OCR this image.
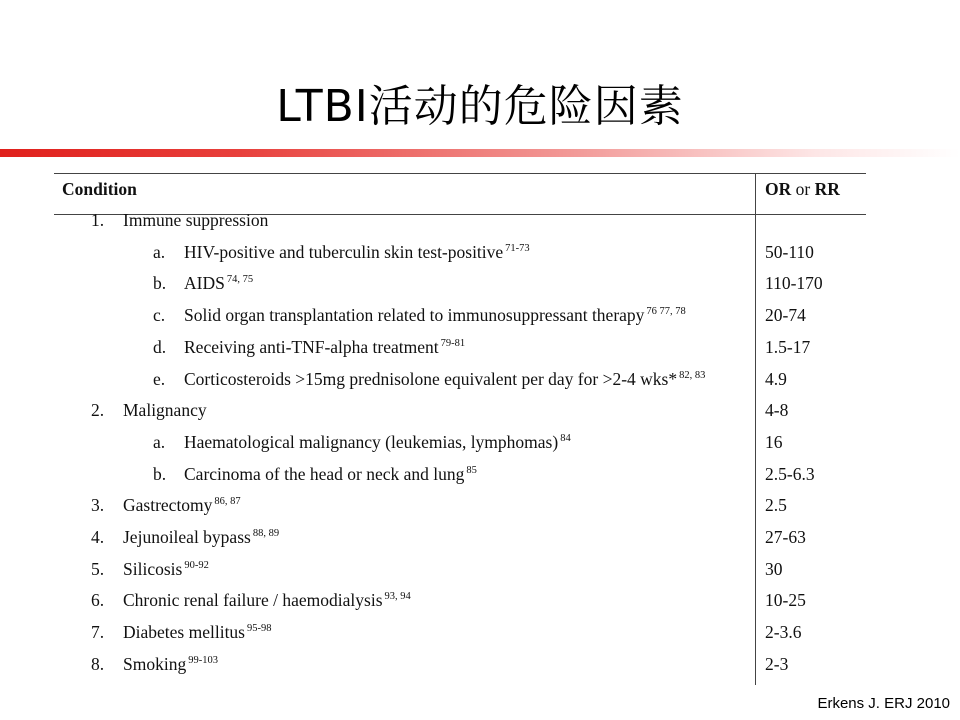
LTBI活动的危险因素
Condition	OR or RR
1. Immune suppression
a. HIV-positive and tuberculin skin test-positive $^{71-73}$	50-110
b. AIDS $^{74, 75}$	110-170
c. Solid organ transplantation related to immunosuppressant therapy $^{76 77, 78}$	20-74
d. Receiving anti-TNF-alpha treatment $^{79-81}$	1.5-17
e. Corticosteroids >15mg prednisolone equivalent per day for >2-4 wks* $^{82, 83}$	4.9
2. Malignancy	4-8
a. Haematological malignancy (leukemias, lymphomas) $^{84}$	16
b. Carcinoma of the head or neck and lung $^{85}$	2.5-6.3
3. Gastrectomy $^{86, 87}$	2.5
4. Jejunoileal bypass $^{88, 89}$	27-63
5. Silicosis $^{90-92}$	30
6. Chronic renal failure / haemodialysis $^{93, 94}$	10-25
7. Diabetes mellitus $^{95-98}$	2-3.6
8. Smoking $^{99-103}$	2-3
Erkens J. ERJ 2010
